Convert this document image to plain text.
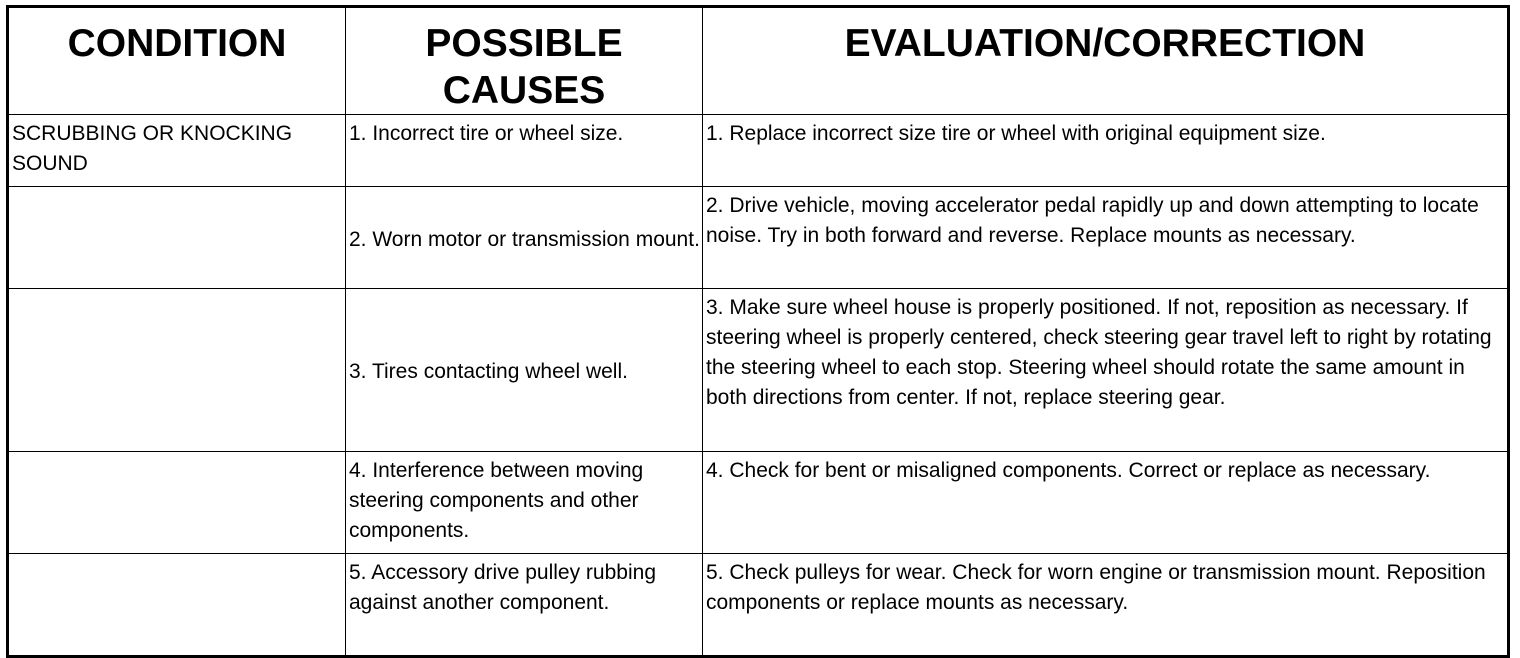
CONDITION	POSSIBLE CAUSES	EVALUATION/CORRECTION
SCRUBBING OR KNOCKING SOUND	1. Incorrect tire or wheel size.	1. Replace incorrect size tire or wheel with original equipment size.
	2. Worn motor or transmission mount.	2. Drive vehicle, moving accelerator pedal rapidly up and down attempting to locate noise. Try in both forward and reverse. Replace mounts as necessary.
	3. Tires contacting wheel well.	3. Make sure wheel house is properly positioned. If not, reposition as necessary. If steering wheel is properly centered, check steering gear travel left to right by rotating the steering wheel to each stop. Steering wheel should rotate the same amount in both directions from center. If not, replace steering gear.
	4. Interference between moving steering components and other components.	4. Check for bent or misaligned components. Correct or replace as necessary.
	5. Accessory drive pulley rubbing against another component.	5. Check pulleys for wear. Check for worn engine or transmission mount. Reposition components or replace mounts as necessary.
